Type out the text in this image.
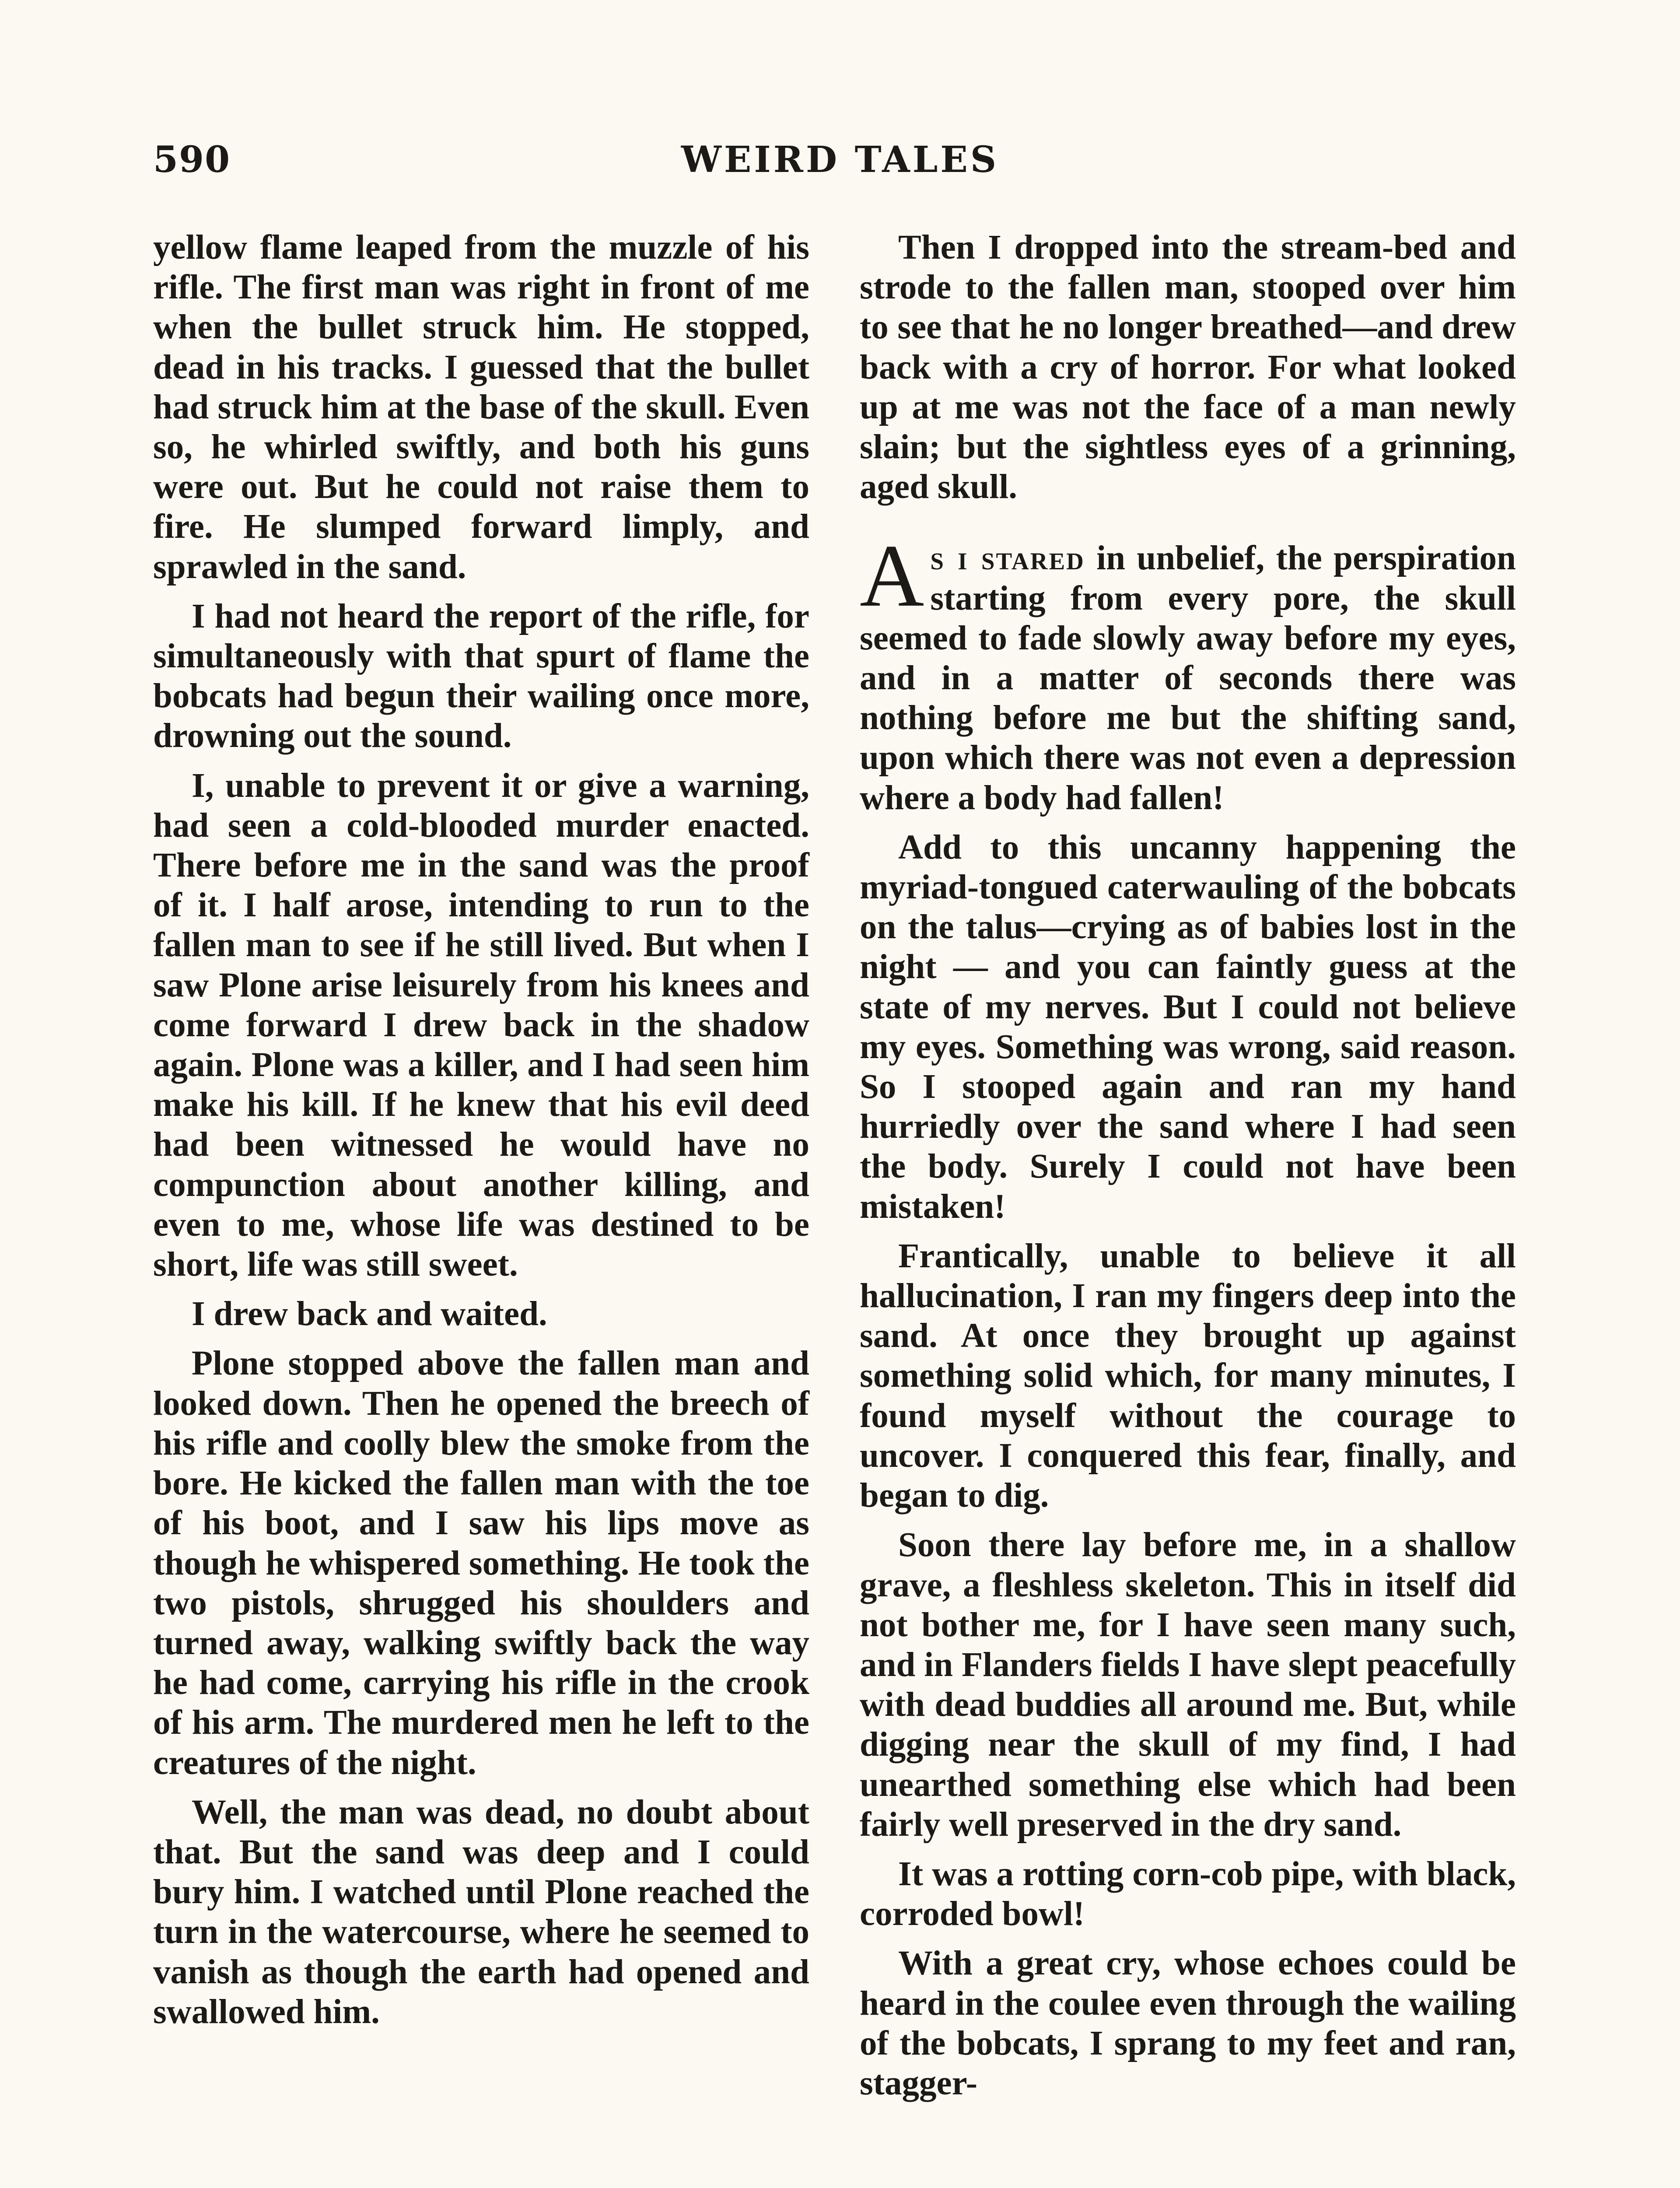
590	WEIRD TALES

yellow flame leaped from the muzzle of his rifle. The first man was right in front of me when the bullet struck him. He stopped, dead in his tracks. I guessed that the bullet had struck him at the base of the skull. Even so, he whirled swiftly, and both his guns were out. But he could not raise them to fire. He slumped forward limply, and sprawled in the sand.

I had not heard the report of the rifle, for simultaneously with that spurt of flame the bobcats had begun their wailing once more, drowning out the sound.

I, unable to prevent it or give a warning, had seen a cold-blooded murder enacted. There before me in the sand was the proof of it. I half arose, intending to run to the fallen man to see if he still lived. But when I saw Plone arise leisurely from his knees and come forward I drew back in the shadow again. Plone was a killer, and I had seen him make his kill. If he knew that his evil deed had been witnessed he would have no compunction about another killing, and even to me, whose life was destined to be short, life was still sweet.

I drew back and waited.

Plone stopped above the fallen man and looked down. Then he opened the breech of his rifle and coolly blew the smoke from the bore. He kicked the fallen man with the toe of his boot, and I saw his lips move as though he whispered something. He took the two pistols, shrugged his shoulders and turned away, walking swiftly back the way he had come, carrying his rifle in the crook of his arm. The murdered men he left to the creatures of the night.

Well, the man was dead, no doubt about that. But the sand was deep and I could bury him. I watched until Plone reached the turn in the watercourse, where he seemed to vanish as though the earth had opened and swallowed him.

Then I dropped into the stream-bed and strode to the fallen man, stooped over him to see that he no longer breathed—and drew back with a cry of horror. For what looked up at me was not the face of a man newly slain; but the sightless eyes of a grinning, aged skull.

As i stared in unbelief, the perspiration starting from every pore, the skull seemed to fade slowly away before my eyes, and in a matter of seconds there was nothing before me but the shifting sand, upon which there was not even a depression where a body had fallen!

Add to this uncanny happening the myriad-tongued caterwauling of the bobcats on the talus—crying as of babies lost in the night — and you can faintly guess at the state of my nerves. But I could not believe my eyes. Something was wrong, said reason. So I stooped again and ran my hand hurriedly over the sand where I had seen the body. Surely I could not have been mistaken!

Frantically, unable to believe it all hallucination, I ran my fingers deep into the sand. At once they brought up against something solid which, for many minutes, I found myself without the courage to uncover. I conquered this fear, finally, and began to dig.

Soon there lay before me, in a shallow grave, a fleshless skeleton. This in itself did not bother me, for I have seen many such, and in Flanders fields I have slept peacefully with dead buddies all around me. But, while digging near the skull of my find, I had unearthed something else which had been fairly well preserved in the dry sand.

It was a rotting corn-cob pipe, with black, corroded bowl!

With a great cry, whose echoes could be heard in the coulee even through the wailing of the bobcats, I sprang to my feet and ran, stagger-
